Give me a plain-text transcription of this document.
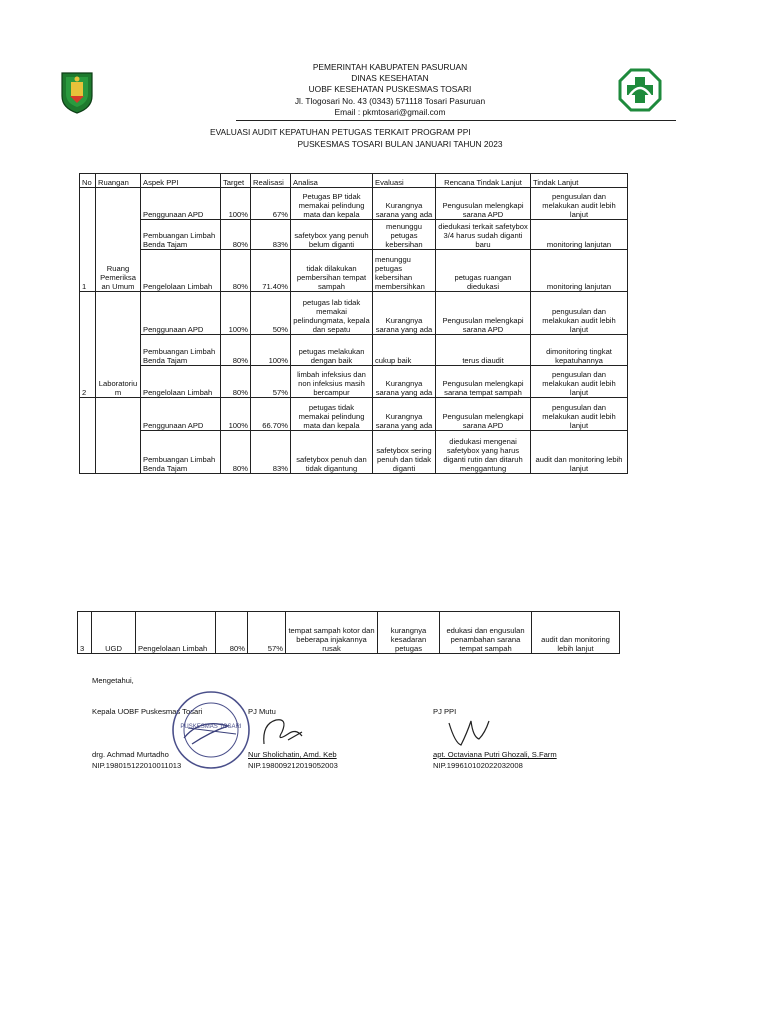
PEMERINTAH KABUPATEN PASURUAN
DINAS KESEHATAN
UOBF KESEHATAN PUSKESMAS TOSARI
Jl. Tlogosari No. 43 (0343) 571118 Tosari Pasuruan
Email : pkmtosari@gmail.com
EVALUASI AUDIT KEPATUHAN PETUGAS TERKAIT PROGRAM PPI
PUSKESMAS TOSARI BULAN JANUARI TAHUN 2023
No	Ruangan	Aspek PPI	Target	Realisasi	Analisa	Evaluasi	Rencana Tindak Lanjut	Tindak Lanjut
		Penggunaan APD	100%	67%	Petugas BP tidak memakai pelindung mata dan kepala	Kurangnya sarana yang ada	Pengusulan melengkapi sarana APD	pengusulan dan melakukan audit lebih lanjut
		Pembuangan Limbah Benda Tajam	80%	83%	safetybox yang penuh belum diganti	menunggu petugas kebersihan	diedukasi terkait safetybox 3/4 harus sudah diganti baru	monitoring lanjutan
1	Ruang Pemeriksa an Umum	Pengelolaan Limbah	80%	71.40%	tidak dilakukan pembersihan tempat sampah	menunggu petugas kebersihan membersihkan	petugas ruangan diedukasi	monitoring lanjutan
		Penggunaan APD	100%	50%	petugas lab tidak memakai pelindungmata, kepala dan sepatu	Kurangnya sarana yang ada	Pengusulan melengkapi sarana APD	pengusulan dan melakukan audit lebih lanjut
		Pembuangan Limbah Benda Tajam	80%	100%	petugas melakukan dengan baik	cukup baik	terus diaudit	dimonitoring tingkat kepatuhannya
2	Laboratoriu m	Pengelolaan Limbah	80%	57%	limbah infeksius dan non infeksius masih bercampur	Kurangnya sarana yang ada	Pengusulan melengkapi sarana tempat sampah	pengusulan dan melakukan audit lebih lanjut
		Penggunaan APD	100%	66.70%	petugas tidak memakai pelindung mata dan kepala	Kurangnya sarana yang ada	Pengusulan melengkapi sarana APD	pengusulan dan melakukan audit lebih lanjut
		Pembuangan Limbah Benda Tajam	80%	83%	safetybox penuh dan tidak digantung	safetybox sering penuh dan tidak diganti	diedukasi mengenai safetybox yang harus diganti rutin dan ditaruh menggantung	audit dan monitoring lebih lanjut
3	UGD	Pengelolaan Limbah	80%	57%	tempat sampah kotor dan beberapa injakannya rusak	kurangnya kesadaran petugas	edukasi dan engusulan penambahan sarana tempat sampah	audit dan monitoring lebih lanjut
Mengetahui,
Kepala UOBF Puskesmas Tosari
drg. Achmad Murtadho
NIP.198015122010011013
PUSKESMAS TOSARI
PJ Mutu
Nur Sholichatin, Amd. Keb
NIP.198009212019052003
PJ PPI
apt. Octaviana Putri Ghozali, S.Farm
NIP.199610102022032008
